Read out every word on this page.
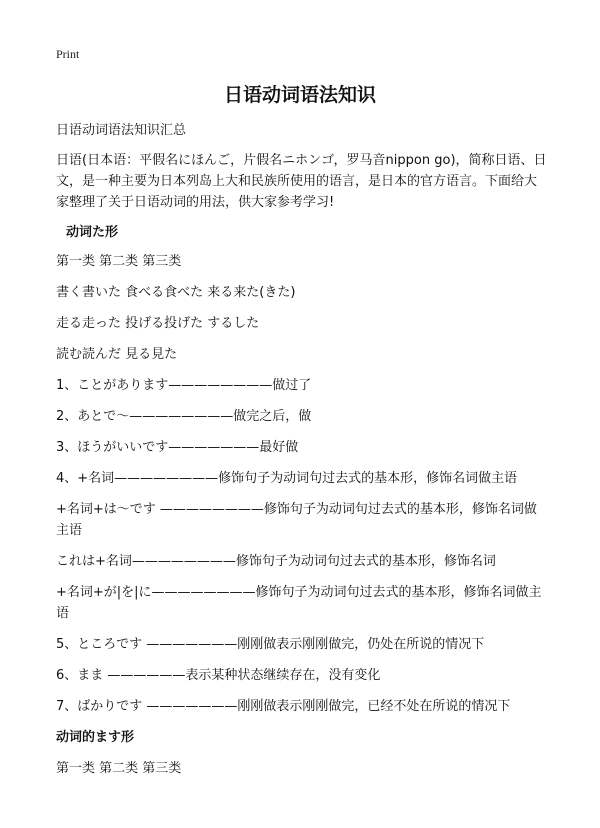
Print
日语动词语法知识

日语动词语法知识汇总

日语(日本语：平假名にほんご，片假名ニホンゴ，罗马音nippon go)，简称日语、日文，是一种主要为日本列岛上大和民族所使用的语言，是日本的官方语言。下面给大家整理了关于日语动词的用法，供大家参考学习!

动词た形

第一类 第二类 第三类

書く書いた 食べる食べた 来る来た(きた)

走る走った 投げる投げた するした

読む読んだ 見る見た

1、ことがあります————————做过了

2、あとで～————————做完之后，做

3、ほうがいいです———————最好做

4、+名词————————修饰句子为动词句过去式的基本形，修饰名词做主语

+名词+は～です ————————修饰句子为动词句过去式的基本形，修饰名词做主语

これは+名词————————修饰句子为动词句过去式的基本形，修饰名词

+名词+が|を|に————————修饰句子为动词句过去式的基本形，修饰名词做主语

5、ところです ———————刚刚做表示刚刚做完，仍处在所说的情况下

6、まま ——————表示某种状态继续存在，没有变化

7、ばかりです ———————刚刚做表示刚刚做完，已经不处在所说的情况下

动词的ます形

第一类 第二类 第三类
